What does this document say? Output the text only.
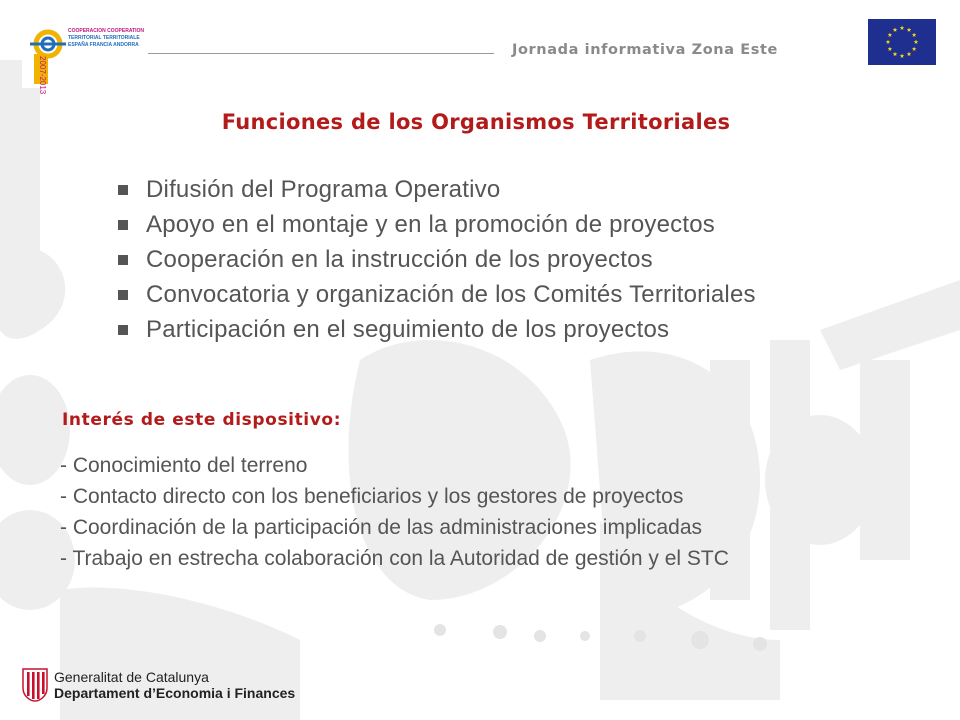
2007-2013
COOPERACION COOPERATION
TERRITORIAL TERRITORIALE
ESPAÑA FRANCIA ANDORRA	Jornada informativa Zona Este
Funciones de los Organismos Territoriales
Difusión del Programa Operativo
Apoyo en el montaje y en la promoción de proyectos
Cooperación en la instrucción de los proyectos
Convocatoria y organización de los Comités Territoriales
Participación en el seguimiento de los proyectos
Interés de este dispositivo:
- Conocimiento del terreno
- Contacto directo con los beneficiarios y los gestores de proyectos
- Coordinación de la participación de las administraciones implicadas
- Trabajo en estrecha colaboración con la Autoridad de gestión y el STC
Generalitat de Catalunya
Departament d’Economia i Finances
